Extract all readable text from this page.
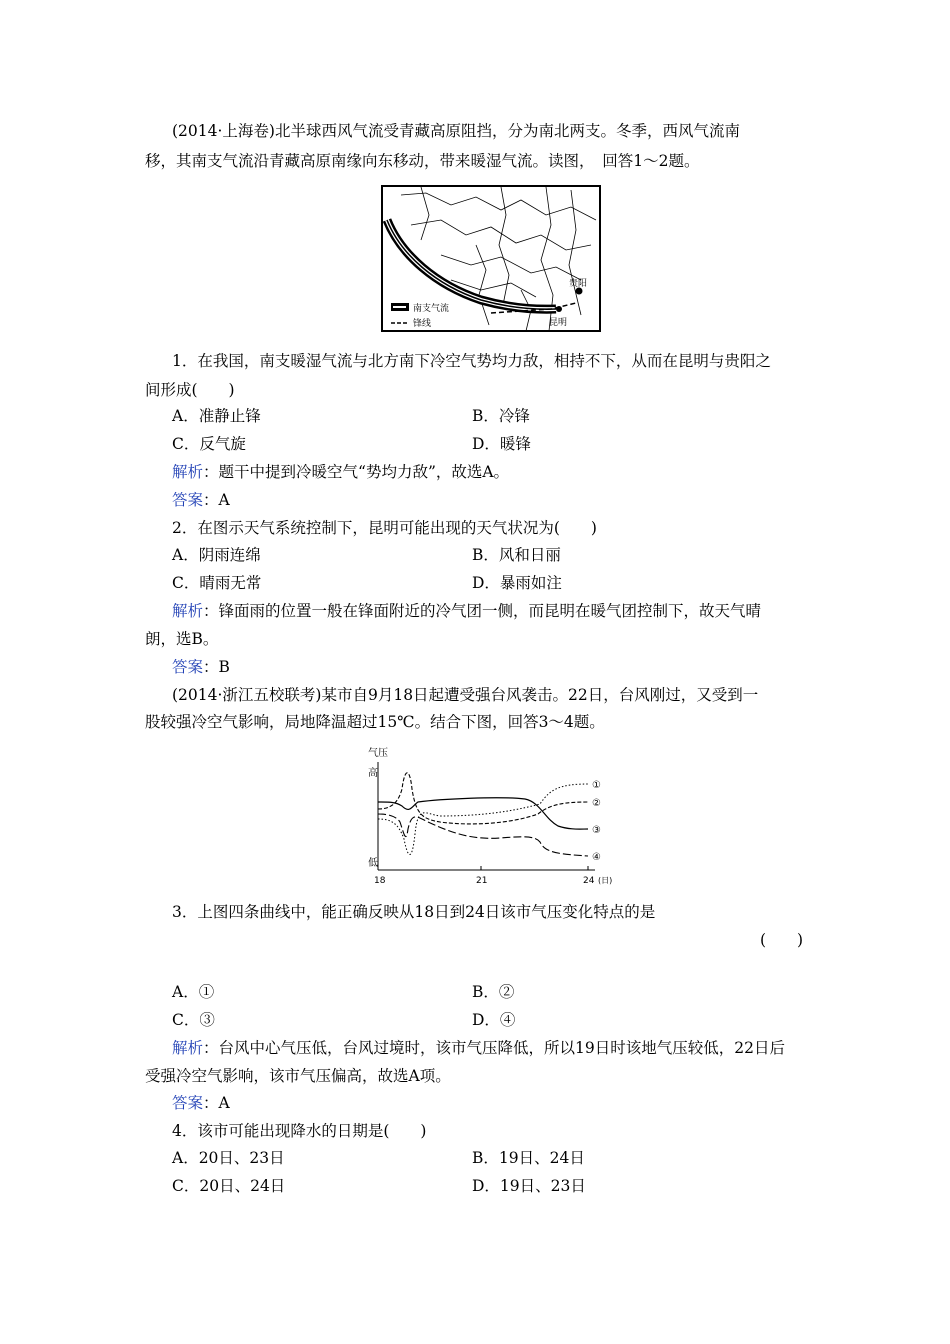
(2014·上海卷)北半球西风气流受青藏高原阻挡，分为南北两支。冬季，西风气流南
移，其南支气流沿青藏高原南缘向东移动，带来暖湿气流。读图，　回答1～2题。
贵阳
昆明
南支气流
锋线
1．在我国，南支暖湿气流与北方南下冷空气势均力敌，相持不下，从而在昆明与贵阳之
间形成(　　)
A．准静止锋	B．冷锋
C．反气旋	D．暖锋
解析：题干中提到冷暖空气“势均力敌”，故选A。
答案：A
2．在图示天气系统控制下，昆明可能出现的天气状况为(　　)
A．阴雨连绵	B．风和日丽
C．晴雨无常	D．暴雨如注
解析：锋面雨的位置一般在锋面附近的冷气团一侧，而昆明在暖气团控制下，故天气晴
朗，选B。
答案：B
(2014·浙江五校联考)某市自9月18日起遭受强台风袭击。22日，台风刚过，又受到一
股较强冷空气影响，局地降温超过15℃。结合下图，回答3～4题。
气压
高
低
18	21	24 (日)
①
②
③
④
3．上图四条曲线中，能正确反映从18日到24日该市气压变化特点的是
(　　)
A．①	B．②
C．③	D．④
解析：台风中心气压低，台风过境时，该市气压降低，所以19日时该地气压较低，22日后
受强冷空气影响，该市气压偏高，故选A项。
答案：A
4．该市可能出现降水的日期是(　　)
A．20日、23日	B．19日、24日
C．20日、24日	D．19日、23日
